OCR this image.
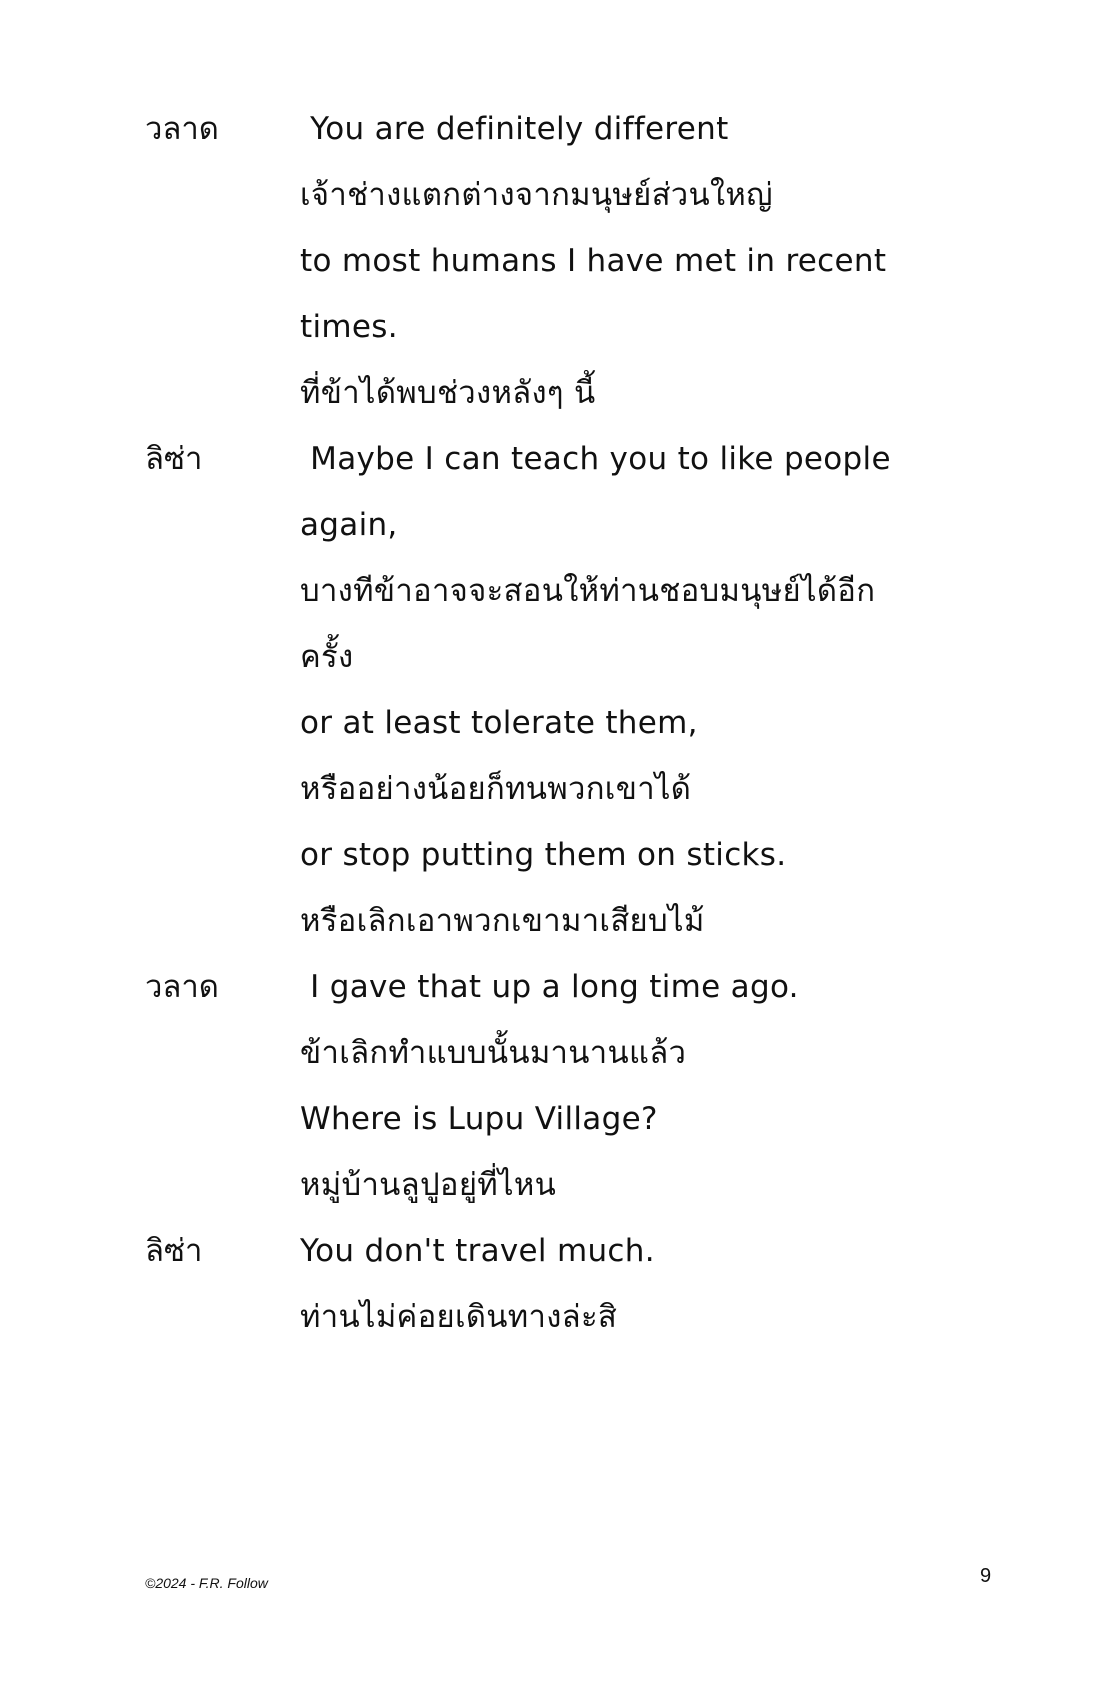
วลาด	You are definitely different
เจ้าช่างแตกต่างจากมนุษย์ส่วนใหญ่
to most humans I have met in recent
times.
ที่ข้าได้พบช่วงหลังๆ นี้
ลิซ่า	Maybe I can teach you to like people
again,
บางทีข้าอาจจะสอนให้ท่านชอบมนุษย์ได้อีก
ครั้ง
or at least tolerate them,
หรืออย่างน้อยก็ทนพวกเขาได้
or stop putting them on sticks.
หรือเลิกเอาพวกเขามาเสียบไม้
วลาด	I gave that up a long time ago.
ข้าเลิกทำแบบนั้นมานานแล้ว
Where is Lupu Village?
หมู่บ้านลูปูอยู่ที่ไหน
ลิซ่า	You don't travel much.
ท่านไม่ค่อยเดินทางล่ะสิ
©2024 - F.R. Follow	9
